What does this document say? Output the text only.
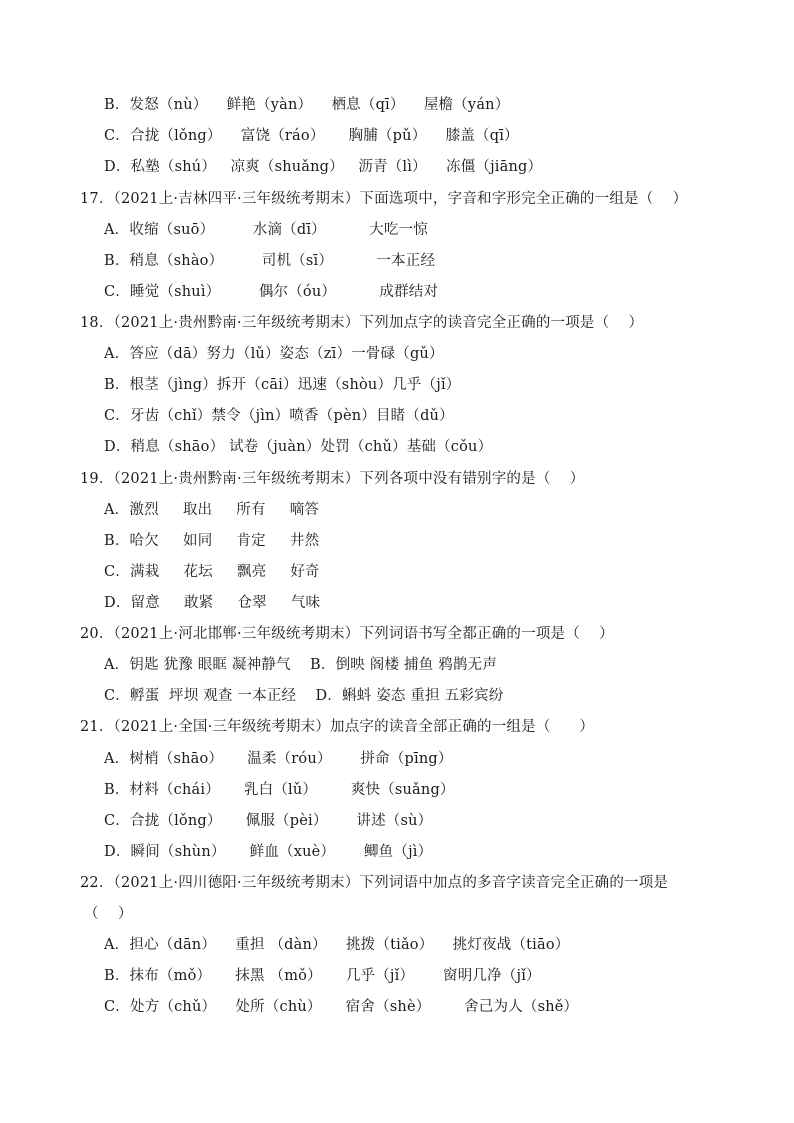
B．发怒（nù）    鲜艳（yàn）    栖息（qī）    屋檐（yán）
C．合拢（lǒng）    富饶（ráo）     胸脯（pǔ）    膝盖（qī）
D．私塾（shú）   凉爽（shuǎng）   沥青（lì）    冻僵（jiāng）
17．（2021上·吉林四平·三年级统考期末）下面选项中，字音和字形完全正确的一组是（    ）
A．收缩（suō）        水滴（dī）         大吃一惊
B．稍息（shào）        司机（sī）         一本正经
C．睡觉（shuì）        偶尔（óu）         成群结对
18．（2021上·贵州黔南·三年级统考期末）下列加点字的读音完全正确的一项是（    ）
A．答应（dā）努力（lǔ）姿态（zī）一骨碌（gǔ）
B．根茎（jìng）拆开（cāi）迅速（shòu）几乎（jǐ）
C．牙齿（chǐ）禁令（jìn）喷香（pèn）目睹（dǔ）
D．稍息（shāo） 试卷（juàn）处罚（chǔ）基础（cǒu）
19．（2021上·贵州黔南·三年级统考期末）下列各项中没有错别字的是（    ）
A．激烈     取出     所有     嘀答
B．哈欠     如同     肯定     井然
C．满栽     花坛     飘亮     好奇
D．留意     敢紧     仓翠     气味
20．（2021上·河北邯郸·三年级统考期末）下列词语书写全都正确的一项是（    ）
A．钥匙 犹豫 眼眶 凝神静气    B．倒映 阁楼 捕鱼 鸦鹊无声
C．孵蛋  坪坝 观查 一本正经    D．蝌蚪 姿态 重担 五彩宾纷
21．（2021上·全国·三年级统考期末）加点字的读音全部正确的一组是（      ）
A．树梢（shāo）     温柔（róu）      拼命（pīng）
B．材料（chái）     乳白（lǔ）       爽快（suǎng）
C．合拢（lǒng）     佩服（pèi）      讲述（sù）
D．瞬间（shùn）     鲜血（xuè）      鲫鱼（jì）
22．（2021上·四川德阳·三年级统考期末）下列词语中加点的多音字读音完全正确的一项是
（    ）
A．担心（dān）    重担 （dàn）    挑拨（tiǎo）    挑灯夜战（tiāo）
B．抹布（mǒ）     抹黑 （mǒ）     几乎（jǐ）      窗明几净（jǐ）
C．处方（chǔ）    处所（chù）     宿舍（shè）       舍己为人（shě）
